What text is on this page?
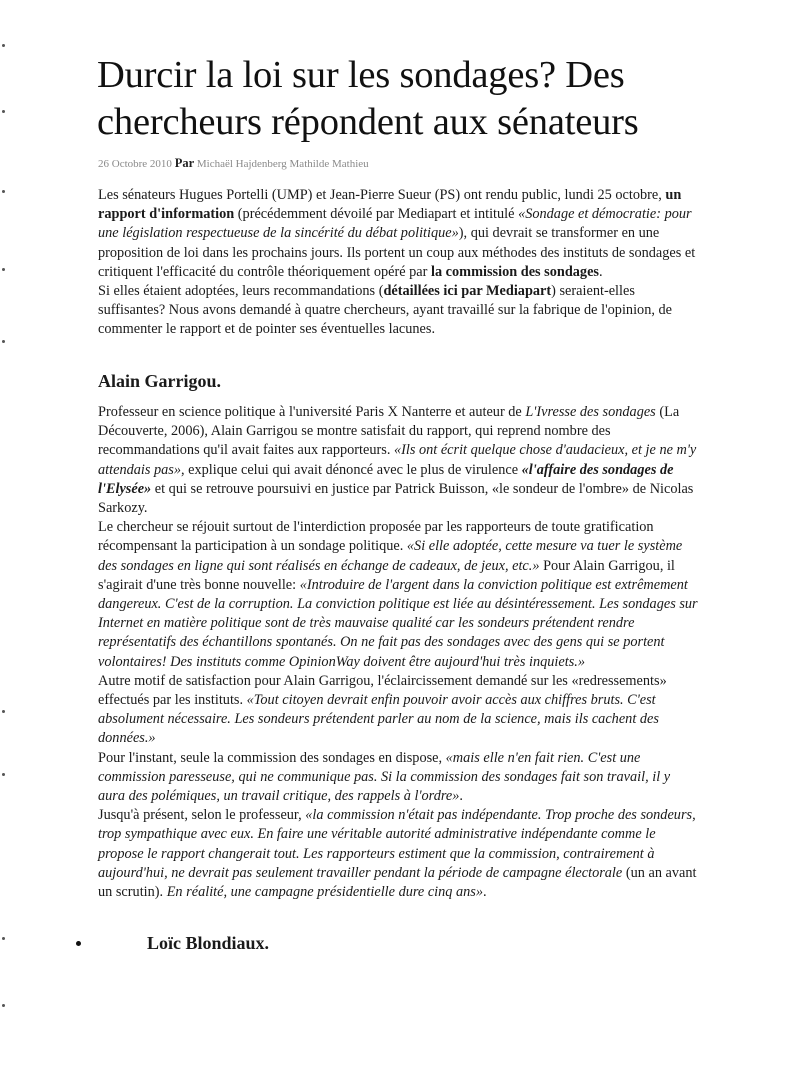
Durcir la loi sur les sondages? Des chercheurs répondent aux sénateurs
26 Octobre 2010 Par Michaël Hajdenberg Mathilde Mathieu

Les sénateurs Hugues Portelli (UMP) et Jean-Pierre Sueur (PS) ont rendu public, lundi 25 octobre, un rapport d'information (précédemment dévoilé par Mediapart et intitulé «Sondage et démocratie: pour une législation respectueuse de la sincérité du débat politique»), qui devrait se transformer en une proposition de loi dans les prochains jours. Ils portent un coup aux méthodes des instituts de sondages et critiquent l'efficacité du contrôle théoriquement opéré par la commission des sondages.

Si elles étaient adoptées, leurs recommandations (détaillées ici par Mediapart) seraient-elles suffisantes? Nous avons demandé à quatre chercheurs, ayant travaillé sur la fabrique de l'opinion, de commenter le rapport et de pointer ses éventuelles lacunes.

Alain Garrigou.

Professeur en science politique à l'université Paris X Nanterre et auteur de L'Ivresse des sondages (La Découverte, 2006), Alain Garrigou se montre satisfait du rapport, qui reprend nombre des recommandations qu'il avait faites aux rapporteurs. «Ils ont écrit quelque chose d'audacieux, et je ne m'y attendais pas», explique celui qui avait dénoncé avec le plus de virulence «l'affaire des sondages de l'Elysée» et qui se retrouve poursuivi en justice par Patrick Buisson, «le sondeur de l'ombre» de Nicolas Sarkozy.

Le chercheur se réjouit surtout de l'interdiction proposée par les rapporteurs de toute gratification récompensant la participation à un sondage politique. «Si elle adoptée, cette mesure va tuer le système des sondages en ligne qui sont réalisés en échange de cadeaux, de jeux, etc.» Pour Alain Garrigou, il s'agirait d'une très bonne nouvelle: «Introduire de l'argent dans la conviction politique est extrêmement dangereux. C'est de la corruption. La conviction politique est liée au désintéressement. Les sondages sur Internet en matière politique sont de très mauvaise qualité car les sondeurs prétendent rendre représentatifs des échantillons spontanés. On ne fait pas des sondages avec des gens qui se portent volontaires! Des instituts comme OpinionWay doivent être aujourd'hui très inquiets.»

Autre motif de satisfaction pour Alain Garrigou, l'éclaircissement demandé sur les «redressements» effectués par les instituts. «Tout citoyen devrait enfin pouvoir avoir accès aux chiffres bruts. C'est absolument nécessaire. Les sondeurs prétendent parler au nom de la science, mais ils cachent des données.»

Pour l'instant, seule la commission des sondages en dispose, «mais elle n'en fait rien. C'est une commission paresseuse, qui ne communique pas. Si la commission des sondages fait son travail, il y aura des polémiques, un travail critique, des rappels à l'ordre».

Jusqu'à présent, selon le professeur, «la commission n'était pas indépendante. Trop proche des sondeurs, trop sympathique avec eux. En faire une véritable autorité administrative indépendante comme le propose le rapport changerait tout. Les rapporteurs estiment que la commission, contrairement à aujourd'hui, ne devrait pas seulement travailler pendant la période de campagne électorale (un an avant un scrutin). En réalité, une campagne présidentielle dure cinq ans».

Loïc Blondiaux.
